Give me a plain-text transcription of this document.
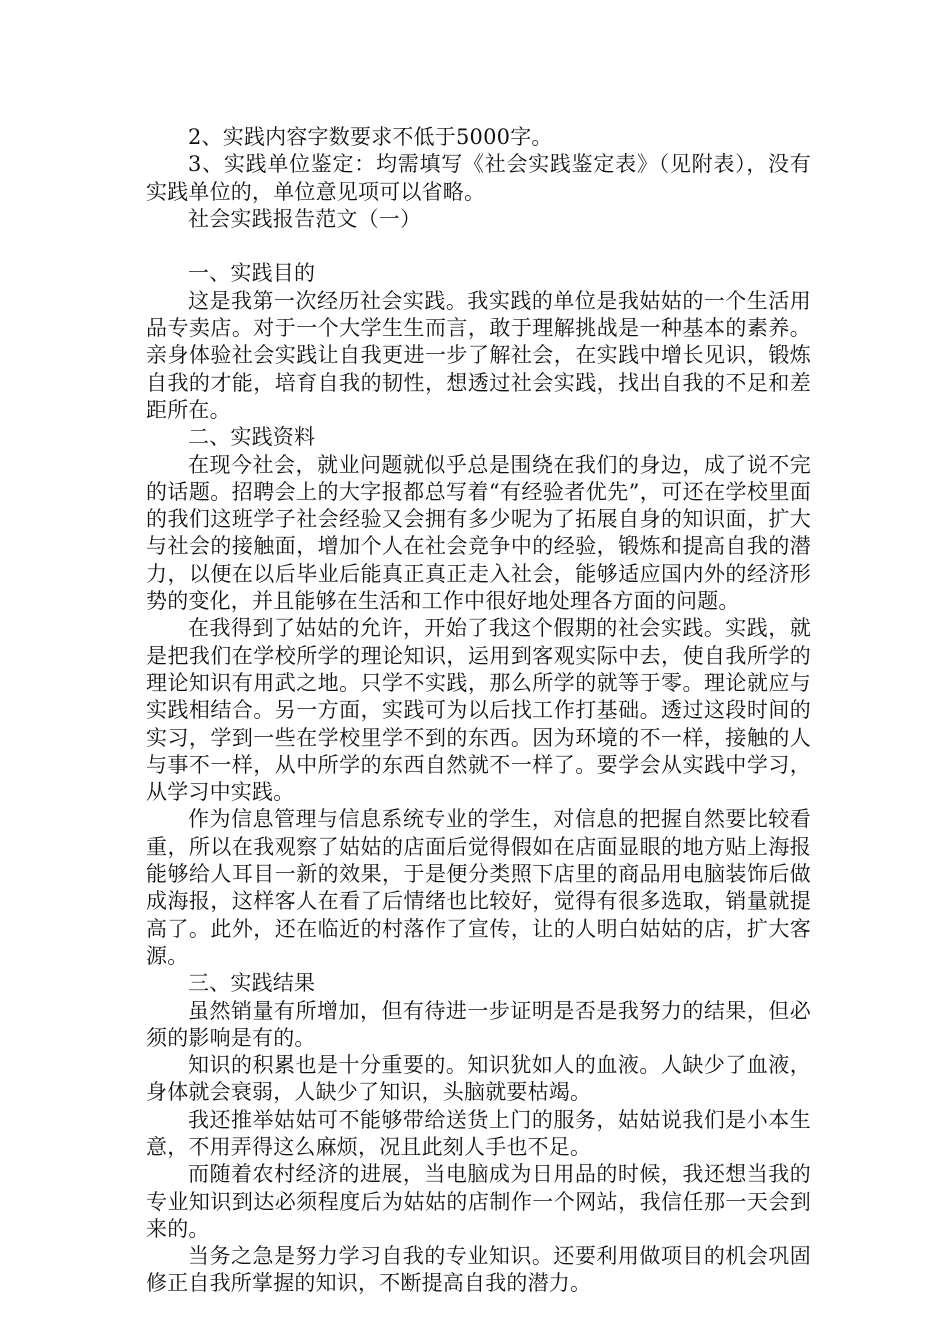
2、实践内容字数要求不低于5000字。

3、实践单位鉴定：均需填写《社会实践鉴定表》（见附表），没有实践单位的，单位意见项可以省略。

社会实践报告范文（一）

一、实践目的

这是我第一次经历社会实践。我实践的单位是我姑姑的一个生活用品专卖店。对于一个大学生生而言，敢于理解挑战是一种基本的素养。亲身体验社会实践让自我更进一步了解社会，在实践中增长见识，锻炼自我的才能，培育自我的韧性，想透过社会实践，找出自我的不足和差距所在。

二、实践资料

在现今社会，就业问题就似乎总是围绕在我们的身边，成了说不完的话题。招聘会上的大字报都总写着“有经验者优先”，可还在学校里面的我们这班学子社会经验又会拥有多少呢为了拓展自身的知识面，扩大与社会的接触面，增加个人在社会竞争中的经验，锻炼和提高自我的潜力，以便在以后毕业后能真正真正走入社会，能够适应国内外的经济形势的变化，并且能够在生活和工作中很好地处理各方面的问题。

在我得到了姑姑的允许，开始了我这个假期的社会实践。实践，就是把我们在学校所学的理论知识，运用到客观实际中去，使自我所学的理论知识有用武之地。只学不实践，那么所学的就等于零。理论就应与实践相结合。另一方面，实践可为以后找工作打基础。透过这段时间的实习，学到一些在学校里学不到的东西。因为环境的不一样，接触的人与事不一样，从中所学的东西自然就不一样了。要学会从实践中学习，从学习中实践。

作为信息管理与信息系统专业的学生，对信息的把握自然要比较看重，所以在我观察了姑姑的店面后觉得假如在店面显眼的地方贴上海报能够给人耳目一新的效果，于是便分类照下店里的商品用电脑装饰后做成海报，这样客人在看了后情绪也比较好，觉得有很多选取，销量就提高了。此外，还在临近的村落作了宣传，让的人明白姑姑的店，扩大客源。

三、实践结果

虽然销量有所增加，但有待进一步证明是否是我努力的结果，但必须的影响是有的。

知识的积累也是十分重要的。知识犹如人的血液。人缺少了血液，身体就会衰弱，人缺少了知识，头脑就要枯竭。

我还推举姑姑可不能够带给送货上门的服务，姑姑说我们是小本生意，不用弄得这么麻烦，况且此刻人手也不足。

而随着农村经济的进展，当电脑成为日用品的时候，我还想当我的专业知识到达必须程度后为姑姑的店制作一个网站，我信任那一天会到来的。

当务之急是努力学习自我的专业知识。还要利用做项目的机会巩固修正自我所掌握的知识，不断提高自我的潜力。
